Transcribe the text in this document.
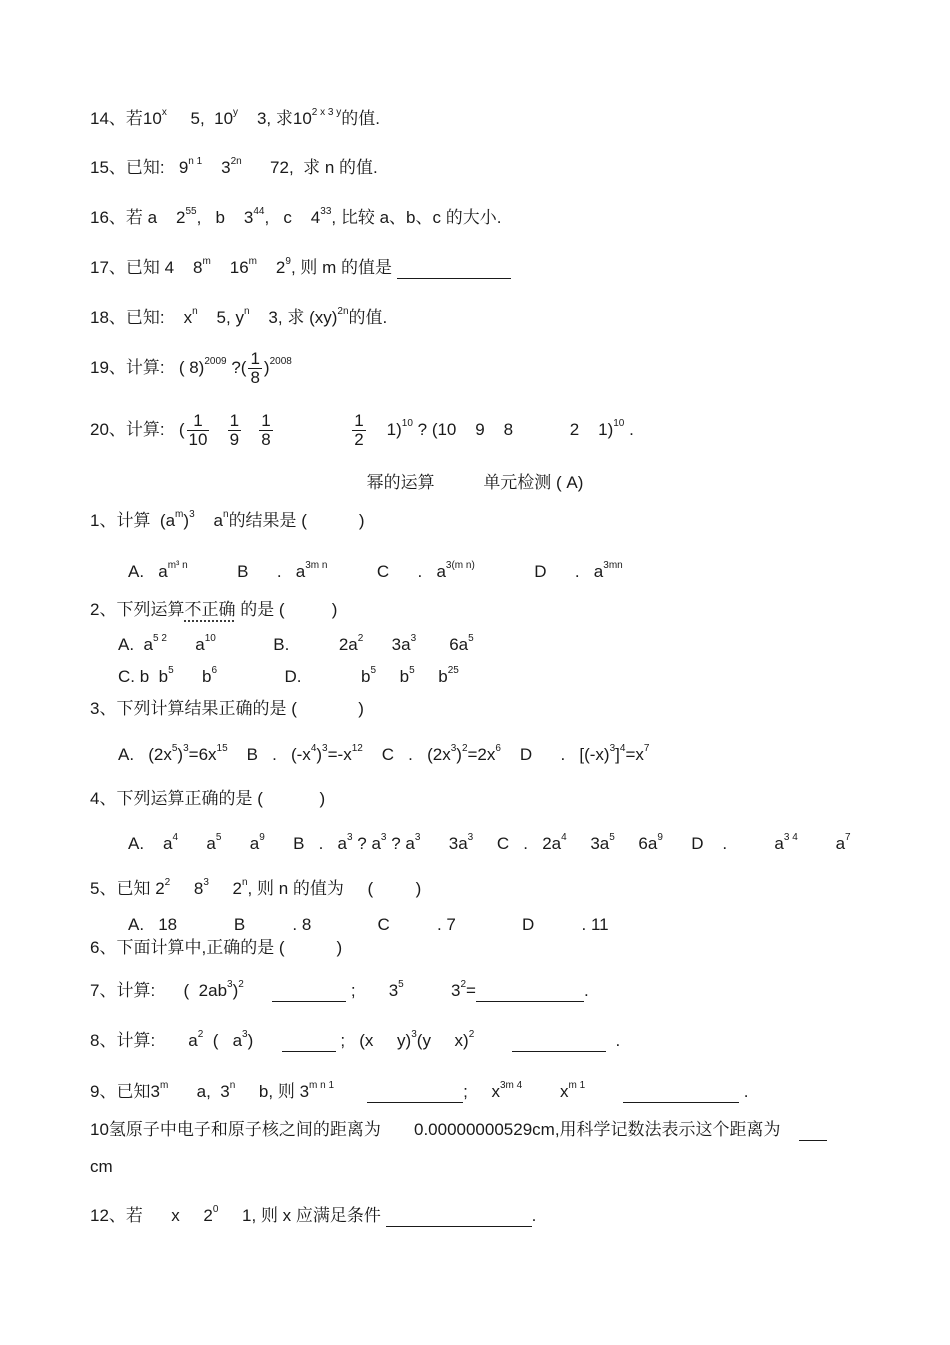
14、若10$^x$ 5,  10$^y$ 3, 求$10^{2 x 3 y}$的值.
15、已知: $9^{n 1}$ $3^{2n}$ 72,  求 n 的值.
16、若 a $2^{55}$,   b $3^{44}$,   c $4^{33}$, 比较 a、b、c 的大小.
17、已知 4 8$^m$ 16$^m$ $2^9$, 则 m 的值是
18、已知: $x^n$ 5, $y^n$ 3, 求 (xy)$^{2n}$的值.
19、计算: ( 8)$^{2009}$ ?( $\frac{1}{8} )^{2008}$
20、计算: ( $\frac{1}{10}$
$\frac{1}{9}$
$\frac{1}{8}$
	$\frac{1}{2} 1)^{10}$ ? (10    9    8            2    1)$^{10}$ .
幂的运算	单元检测 ( A)
1、计算 $(a^m)^3$ $a^n$的结果是 (           )
A. $a^{m^3 n}$	B      . $a^{3m n}$	C      . $a^{3(m n)}$	D      . $a^{3mn}$
2、下列运算不正确 的是 (          )
A. $a^{5 2}$ $a^{10}$	B.	$2a^2$ $3a^3$ $6a^5$
C. b  $b^5$ $b^6$	D.	$b^5$ $b^5$ $b^{25}$
3、下列计算结果正确的是 (             )
A.   $(2x^5)^3=6x^{15}$ B   .   $(-x^4)^3=-x^{12}$ C   .   $(2x^3)^2=2x^6$ D      .   $[(-x)^3]^4=x^7$
4、下列运算正确的是 (            )
A. $a^4$ $a^5$ $a^9$ B   . $a^3$ ? $a^3$ ? $a^3$ $3a^3$ C   . $2a^4$ $3a^5$ $6a^9$ D    .	$a^{3 4}$ $a^7$
5、已知 $2^2$ $8^3$ 2$^n$, 则 n 的值为     (         )
A.   18	B          . 8	C          . 7	D          . 11
6、下面计算中,正确的是 (           )
7、计算: (  $2ab^3)^2$	; $3^5$	$3^2=$	.
8、计算: $a^2$ (   $a^3$)	; (x     y)$^3$(y     x)$^2$	.
9、已知3$^m$ a,  3$^n$ b, 则 $3^{m n 1}$	; $x^{3m 4}$ $x^{m 1}$	.
10氢原子中电子和原子核之间的距离为 0.00000000529cm,用科学记数法表示这个距离为
cm
12、若 x     $2^0$ 1, 则 x 应满足条件	.
